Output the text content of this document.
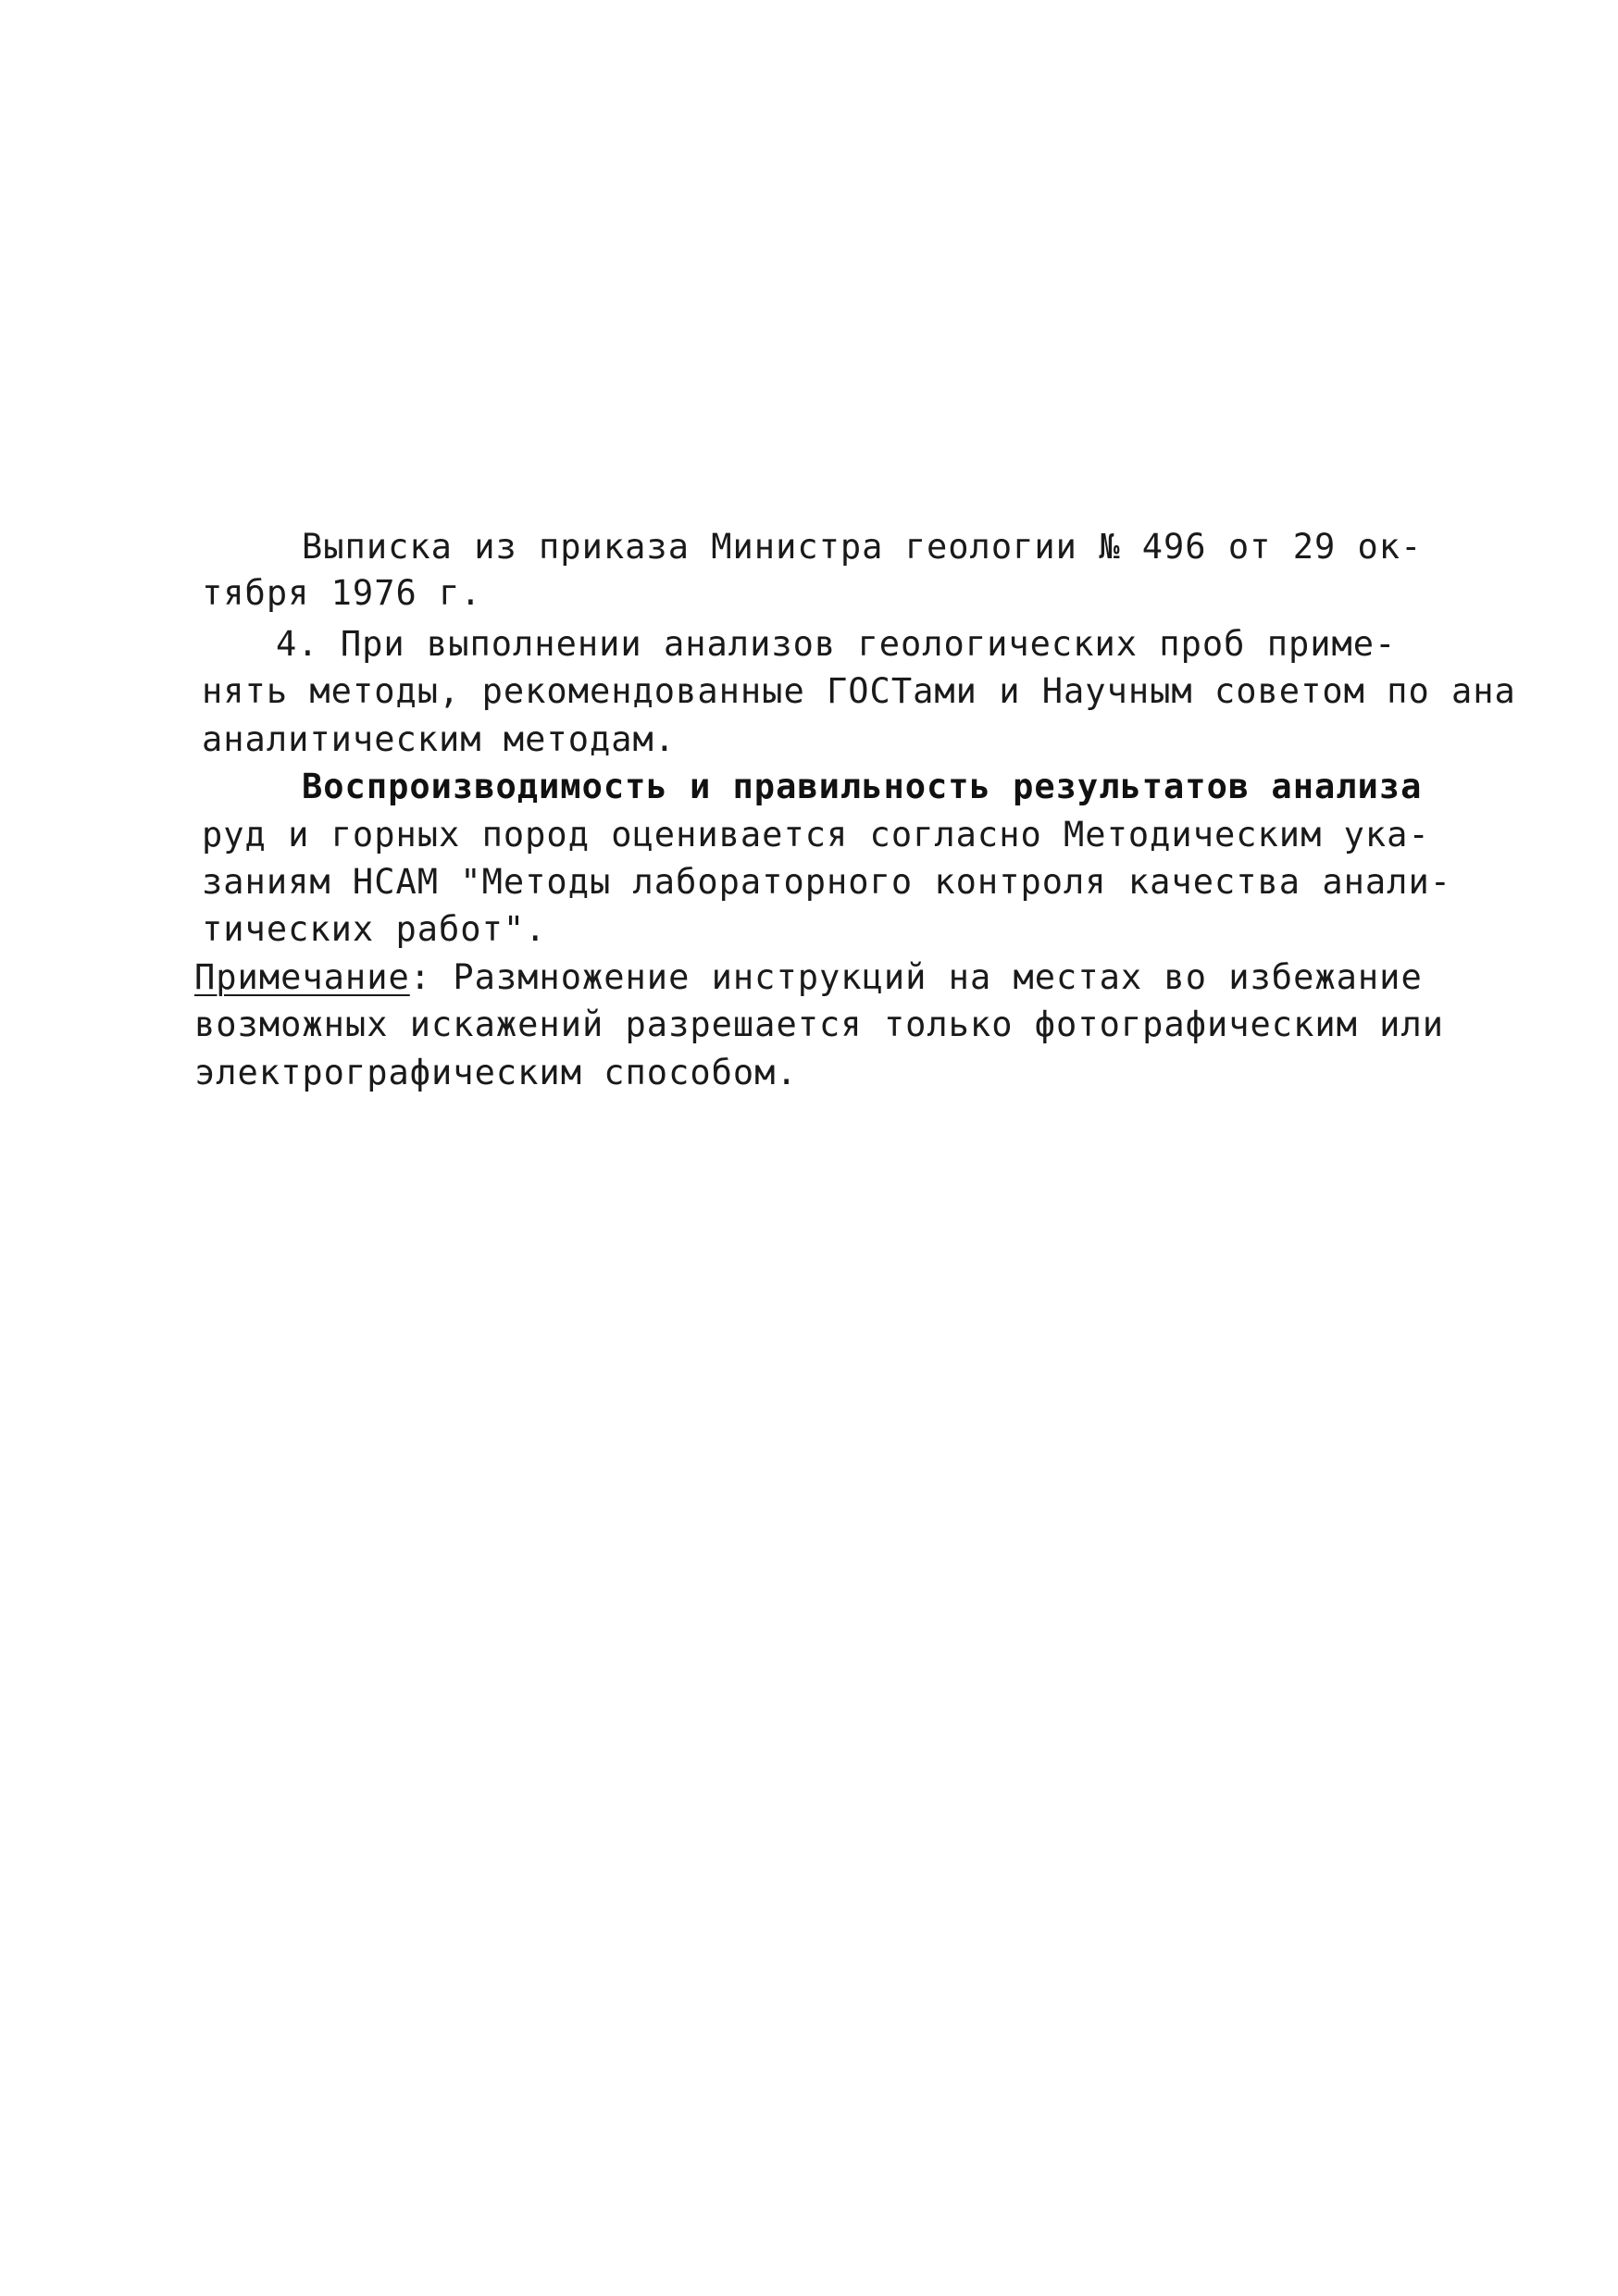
Выписка из приказа Министра геологии № 496 от 29 ок-
тября 1976 г.
4. При выполнении анализов геологических проб приме-
нять методы, рекомендованные ГОСТами и Научным советом по ана
аналитическим методам.
Воспроизводимость и правильность результатов анализа
руд и горных пород оценивается согласно Методическим ука-
заниям НСАМ "Методы лабораторного контроля качества анали-
тических работ".
Примечание: Размножение инструкций на местах во избежание
возможных искажений разрешается только фотографическим или
электрографическим способом.
